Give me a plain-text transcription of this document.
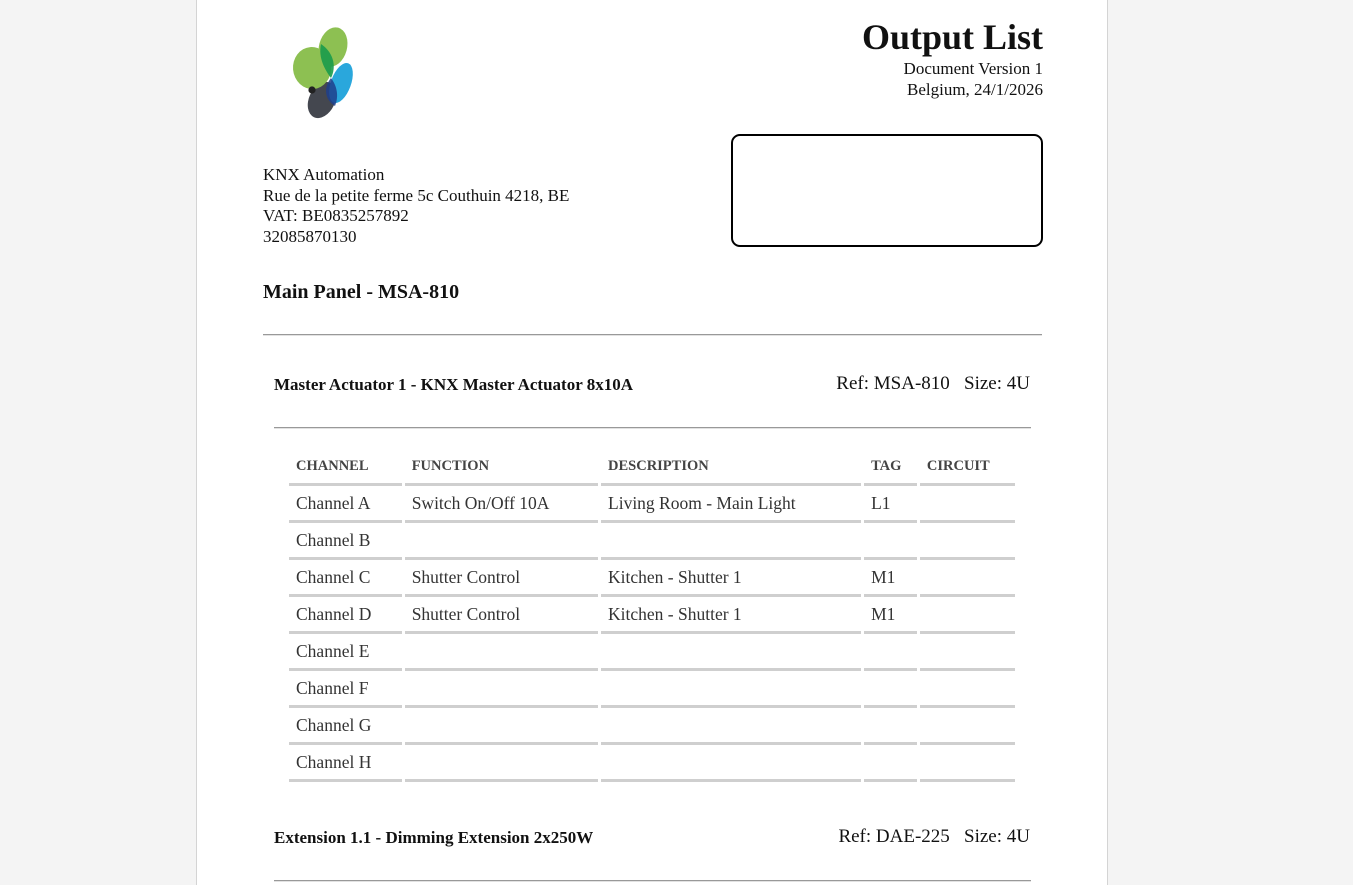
Output List
Document Version 1
Belgium, 24/1/2026
KNX Automation
Rue de la petite ferme 5c Couthuin 4218, BE
VAT: BE0835257892
32085870130
Main Panel - MSA-810
Master Actuator 1 - KNX Master Actuator 8x10A	Ref: MSA-810 Size: 4U
CHANNEL	FUNCTION	DESCRIPTION	TAG	CIRCUIT
Channel A	Switch On/Off 10A	Living Room - Main Light	L1	
Channel B				
Channel C	Shutter Control	Kitchen - Shutter 1	M1	
Channel D	Shutter Control	Kitchen - Shutter 1	M1	
Channel E				
Channel F				
Channel G				
Channel H				
Extension 1.1 - Dimming Extension 2x250W	Ref: DAE-225 Size: 4U
